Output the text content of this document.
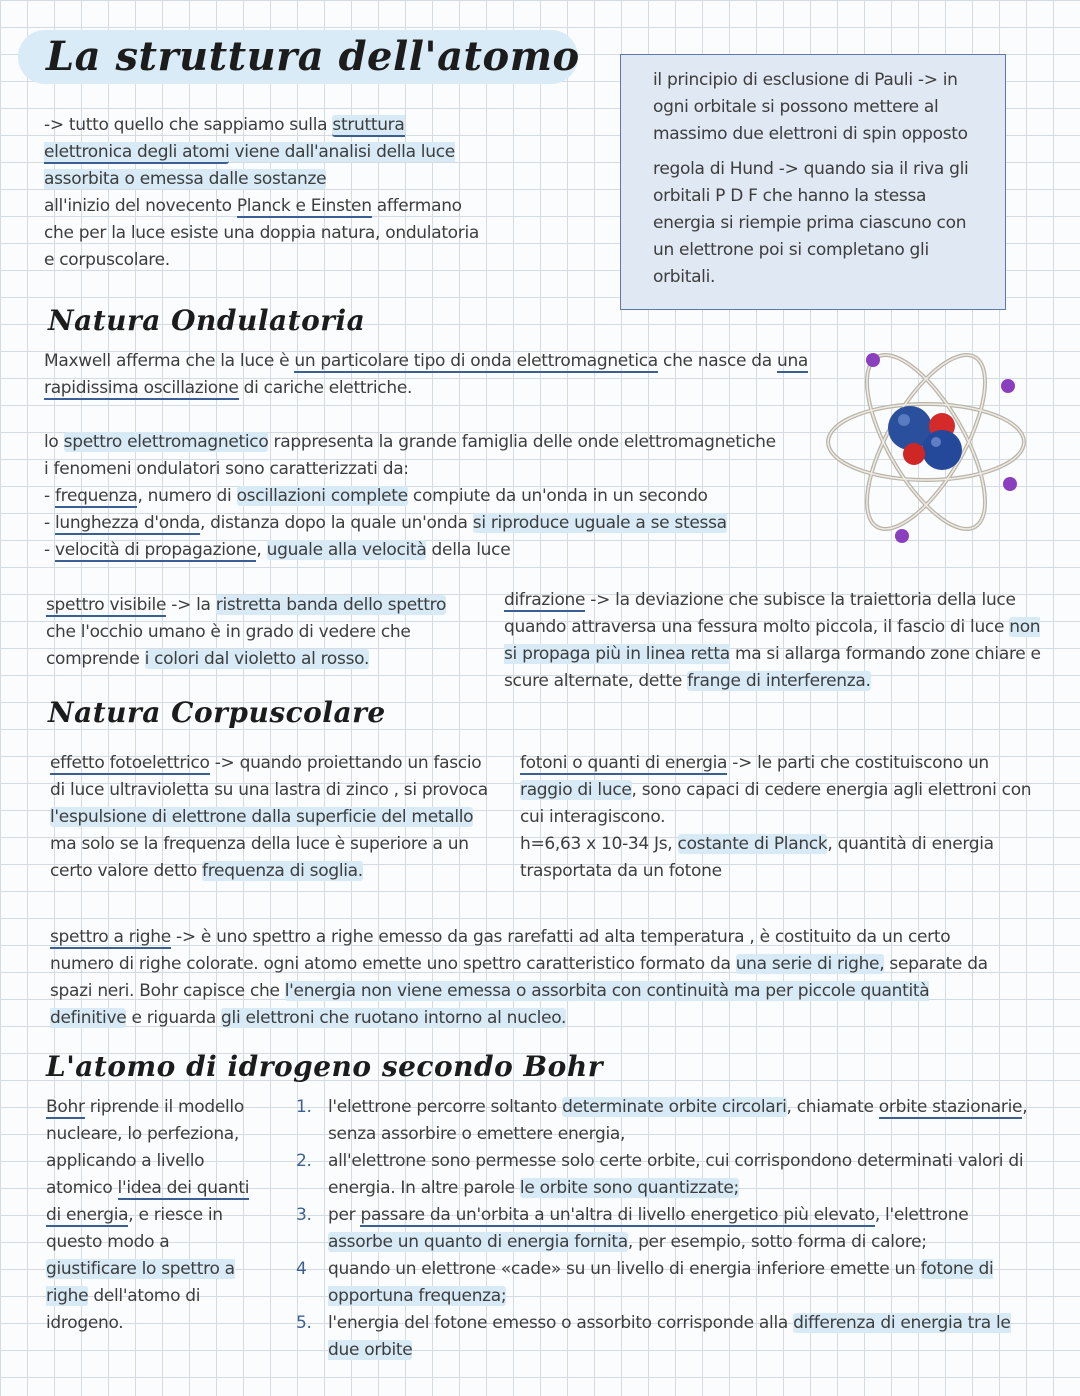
La struttura dell'atomo
-> tutto quello che sappiamo sulla struttura elettronica degli atomi viene dall'analisi della luce assorbita o emessa dalle sostanze
all'inizio del novecento Planck e Einsten affermano che per la luce esiste una doppia natura, ondulatoria e corpuscolare.

il principio di esclusione di Pauli -> in ogni orbitale si possono mettere al massimo due elettroni di spin opposto

regola di Hund -> quando sia il riva gli orbitali P D F che hanno la stessa energia si riempie prima ciascuno con un elettrone poi si completano gli orbitali.

Natura Ondulatoria
Maxwell afferma che la luce è un particolare tipo di onda elettromagnetica che nasce da una rapidissima oscillazione di cariche elettriche.
lo spettro elettromagnetico rappresenta la grande famiglia delle onde elettromagnetiche
i fenomeni ondulatori sono caratterizzati da:
- frequenza, numero di oscillazioni complete compiute da un'onda in un secondo
- lunghezza d'onda, distanza dopo la quale un'onda si riproduce uguale a se stessa
- velocità di propagazione, uguale alla velocità della luce
spettro visibile -> la ristretta banda dello spettro che l'occhio umano è in grado di vedere che comprende i colori dal violetto al rosso.
difrazione -> la deviazione che subisce la traiettoria della luce quando attraversa una fessura molto piccola, il fascio di luce non si propaga più in linea retta ma si allarga formando zone chiare e scure alternate, dette frange di interferenza.
Natura Corpuscolare
effetto fotoelettrico -> quando proiettando un fascio di luce ultravioletta su una lastra di zinco , si provoca l'espulsione di elettrone dalla superficie del metallo ma solo se la frequenza della luce è superiore a un certo valore detto frequenza di soglia.
fotoni o quanti di energia -> le parti che costituiscono un raggio di luce, sono capaci di cedere energia agli elettroni con cui interagiscono.
h=6,63 x 10-34 Js, costante di Planck, quantità di energia trasportata da un fotone
spettro a righe -> è uno spettro a righe emesso da gas rarefatti ad alta temperatura , è costituito da un certo numero di righe colorate. ogni atomo emette uno spettro caratteristico formato da una serie di righe, separate da spazi neri. Bohr capisce che l'energia non viene emessa o assorbita con continuità ma per piccole quantità definitive e riguarda gli elettroni che ruotano intorno al nucleo.
L'atomo di idrogeno secondo Bohr
Bohr riprende il modello nucleare, lo perfeziona, applicando a livello atomico l'idea dei quanti di energia, e riesce in questo modo a giustificare lo spettro a righe dell'atomo di idrogeno.
1. l'elettrone percorre soltanto determinate orbite circolari, chiamate orbite stazionarie, senza assorbire o emettere energia,
2. all'elettrone sono permesse solo certe orbite, cui corrispondono determinati valori di energia. In altre parole le orbite sono quantizzate;
3. per passare da un'orbita a un'altra di livello energetico più elevato, l'elettrone assorbe un quanto di energia fornita, per esempio, sotto forma di calore;
4	quando un elettrone «cade» su un livello di energia inferiore emette un fotone di opportuna frequenza;
5. l'energia del fotone emesso o assorbito corrisponde alla differenza di energia tra le due orbite
